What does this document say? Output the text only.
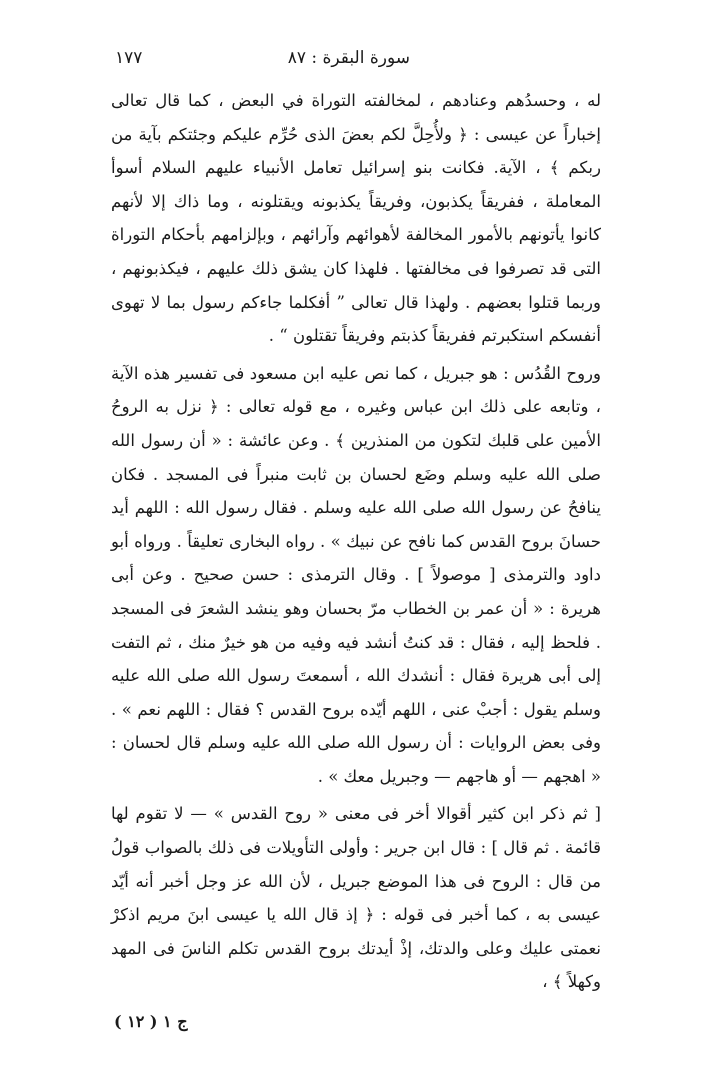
سورة البقرة : ٨٧
١٧٧

له ، وحسدُهم وعنادهم ، لمخالفته التوراة في البعض ، كما قال تعالى إخباراً عن عيسى : ﴿ ولأُحِلَّ لكم بعضَ الذى حُرِّم عليكم وجئتكم بآية من ربكم ﴾ ، الآية. فكانت بنو إسرائيل تعامل الأنبياء عليهم السلام أسوأ المعاملة ، ففريقاً يكذبون، وفريقاً يكذبونه ويقتلونه ، وما ذاك إلا لأنهم كانوا يأتونهم بالأمور المخالفة لأهوائهم وآرائهم ، وبإلزامهم بأحكام التوراة التى قد تصرفوا فى مخالفتها . فلهذا كان يشق ذلك عليهم ، فيكذبونهم ، وربما قتلوا بعضهم . ولهذا قال تعالى ” أفكلما جاءكم رسول بما لا تهوى أنفسكم استكبرتم ففريقاً كذبتم وفريقاً تقتلون “ .

وروح القُدُس : هو جبريل ، كما نص عليه ابن مسعود فى تفسير هذه الآية ، وتابعه على ذلك ابن عباس وغيره ، مع قوله تعالى : ﴿ نزل به الروحُ الأمين على قلبك لتكون من المنذرين ﴾ . وعن عائشة : « أن رسول الله صلى الله عليه وسلم وضَع لحسان بن ثابت منبراً فى المسجد . فكان ينافحُ عن رسول الله صلى الله عليه وسلم . فقال رسول الله : اللهم أيد حسانَ بروح القدس كما نافح عن نبيك » . رواه البخارى تعليقاً . ورواه أبو داود والترمذى [ موصولاً ] . وقال الترمذى : حسن صحيح . وعن أبى هريرة : « أن عمر بن الخطاب مرّ بحسان وهو ينشد الشعرَ فى المسجد . فلحظ إليه ، فقال : قد كنتُ أنشد فيه وفيه من هو خيرٌ منك ، ثم التفت إلى أبى هريرة فقال : أنشدك الله ، أسمعتَ رسول الله صلى الله عليه وسلم يقول : أجبْ عنى ، اللهم أيّده بروح القدس ؟ فقال : اللهم نعم » . وفى بعض الروايات : أن رسول الله صلى الله عليه وسلم قال لحسان : « اهجهم — أو هاجهم — وجبريل معك » .

[ ثم ذكر ابن كثير أقوالا أخر فى معنى « روح القدس » — لا تقوم لها قائمة . ثم قال ] : قال ابن جرير : وأولى التأويلات فى ذلك بالصواب قولُ من قال : الروح فى هذا الموضع جبريل ، لأن الله عز وجل أخبر أنه أيّد عيسى به ، كما أخبر فى قوله : ﴿ إذ قال الله يا عيسى ابنَ مريم اذكرْ نعمتى عليك وعلى والدتك، إذْ أيدتك بروح القدس تكلم الناسَ فى المهد وكهلاً ﴾ ،

ج ١ ( ١٢ )
